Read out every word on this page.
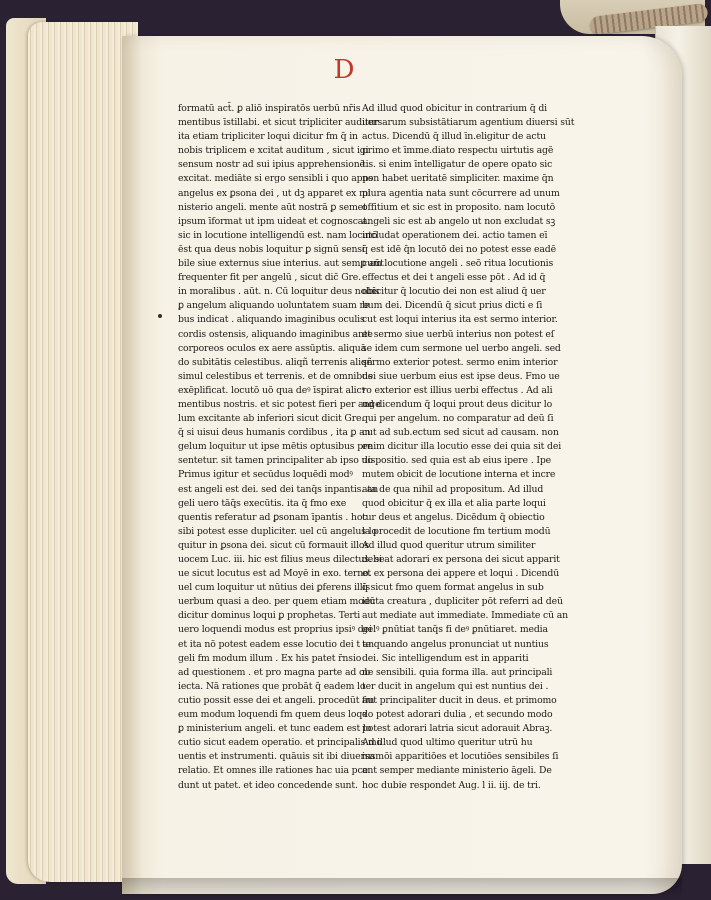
D
formatū act̄. ꝑ aliō inspiratōs uerbū nr̄is
mentibus īstillabi. et sicut tripliciter auditur
ita etiam tripliciter loqui dicitur fm q̄ in
nobis triplicem e xcitat auditum , sicut igi
sensum nostr ad sui ipius apprehensionē
excitat. mediāte si ergo sensibli i quo apps
angelus ex ꝑsona dei , ut dꝫ apparet ex mi
nisterio angeli. mente aūt nostrā ꝑ semet
ipsum īformat ut ipm uideat et cognoscat.
sic in locutione intelligendū est. nam locutō
ēst qua deus nobis loquitur ꝑ signū sensi
bile siue externus siue interius. aut semꝑ aūt
frequenter fit per angelū , sicut dic̄ Gre.
in moralibus . aūt. n. Cū loquitur deus nobis
ꝑ angelum aliquando uoluntatem suam re
bus indicat . aliquando imaginibus oculis
cordis ostensis, aliquando imaginibus ante
corporeos oculos ex aere assūptis. aliquā
do subitātis celestibus. aliqñ terrenis aliqñ
simul celestibus et terrenis. et de omnibus
exēplificat. locutō uō qua deꝰ īspirat alicꝰ
mentibus nostris. et sic potest fieri per ange
lum excitante ab inferiori sicut dicit Gre.
q̄ si uisui deus humanis cordibus , ita ꝑ an
gelum loquitur ut ipse mētis optusibus pre
sentetur. sit tamen principaliter ab ipso uo
Primus igitur et secūdus loquēdi modꝰ
est angeli est dei. sed dei tanq̄s inpantis. an
geli uero tāq̄s execūtis. ita q̄ fmo exe
quentis referatur ad ꝑsonam īpantis . hoc
sibi potest esse dupliciter. uel cū angelus lo
quitur in ꝑsona dei. sicut cū formauit illos
uocem Luc. iii. hic est filius meus dilectus. si
ue sicut locutus est ad Moyē in exo. terno.
uel cum loquitur ut nūtius dei ꝑferens illis
uerbum quasi a deo. per quem etiam modū
dicitur dominus loqui ꝑ prophetas. Terti
uero loquendi modus est proprius ipsiꝰ dei
et ita nō potest eadem esse locutio dei t an
geli fm modum illum . Ex his patet r̄nsio
ad questionem . et pro magna parte ad ob
iecta. Nā rationes que probāt q̄ eadem lo
cutio possit esse dei et angeli. procedūt fm
eum modum loquendi fm quem deus loqꝛ
ꝑ ministerium angeli. et tunc eadem est lo
cutio sicut eadem operatio. et principalis mo
uentis et instrumenti. quāuis sit ibi diuersa
relatio. Et omnes ille rationes hac uia pce
dunt ut patet. et ideo concedende sunt.
Ad illud quod obicitur in contrarium q̄ di
uersarum subsistātiarum agentium diuersi sūt
actus. Dicendū q̄ illud īn.eligitur de actu
primo et īmme.diato respectu uirtutis agē
tis. si enim īntelligatur de opere opato sic
non habet ueritatē simpliciter. maxime q̄n
plura agentia nata sunt cōcurrere ad unum
offitium et sic est in proposito. nam locutō
angeli sic est ab angelo ut non excludat sꝫ
includat operationem dei. actio tamen eī
q̄ est idē q̄n locutō dei no potest esse eadē
cum locutione angeli . seō ritua locutionis
effectus et dei t angeli esse pōt . Ad id q̄
obicitur q̄ locutio dei non est aliud q̄ uer
bum dei. Dicendū q̄ sicut prius dicti e ſi
cut est loqui interius ita est sermo interior.
et sermo siue uerbū interius non potest eſ
se idem cum sermone uel uerbo angeli. sed
sermo exterior potest. sermo enim interior
dei siue uerbum eius est ipse deus. Fmo ue
ro exterior est illius uerbi effectus . Ad ali
ud dicendum q̄ loqui prout deus dicitur lo
qui per angelum. no comparatur ad deū ſi
cut ad sub.ectum sed sicut ad causam. non
enim dicitur illa locutio esse dei quia sit dei
dispositio. sed quia est ab eius ipere . Ipe
mutem obicit de locutione interna et incre
ata de qua nihil ad propositum. Ad illud
quod obicitur q̄ ex illa et alia parte loqui
tur deus et angelus. Dicēdum q̄ obiectio
la procedit de locutione fm tertium modū
Ad illud quod queritur utrum similiter
debeat adorari ex persona dei sicut apparit
et ex persona dei appere et loqui . Dicendū
q̄ sicut fmo quem format angelus in sub
iecta creatura , dupliciter pōt referri ad deū
aut mediate aut immediate. Immediate cū an
gelꝰ ꝑnūtiat tanq̄s fi deꝰ ꝑnūtiaret. media
te quando angelus pronunciat ut nuntius
dei. Sic intelligendum est in appariti
ne sensibili. quia forma illa. aut principali
ter ducit in angelum qui est nuntius dei .
aut principaliter ducit in deus. et primomo
do potest adorari dulia , et secundo modo
potest adorari latria sicut adorauit Abraꝫ.
Ad illud quod ultimo queritur utrū hu
iusmōi apparitiōes et locutiōes sensibiles ſi
ant semper mediante ministerio āgeli. De
hoc dubie respondet Aug. l ii. iij. de tri.
